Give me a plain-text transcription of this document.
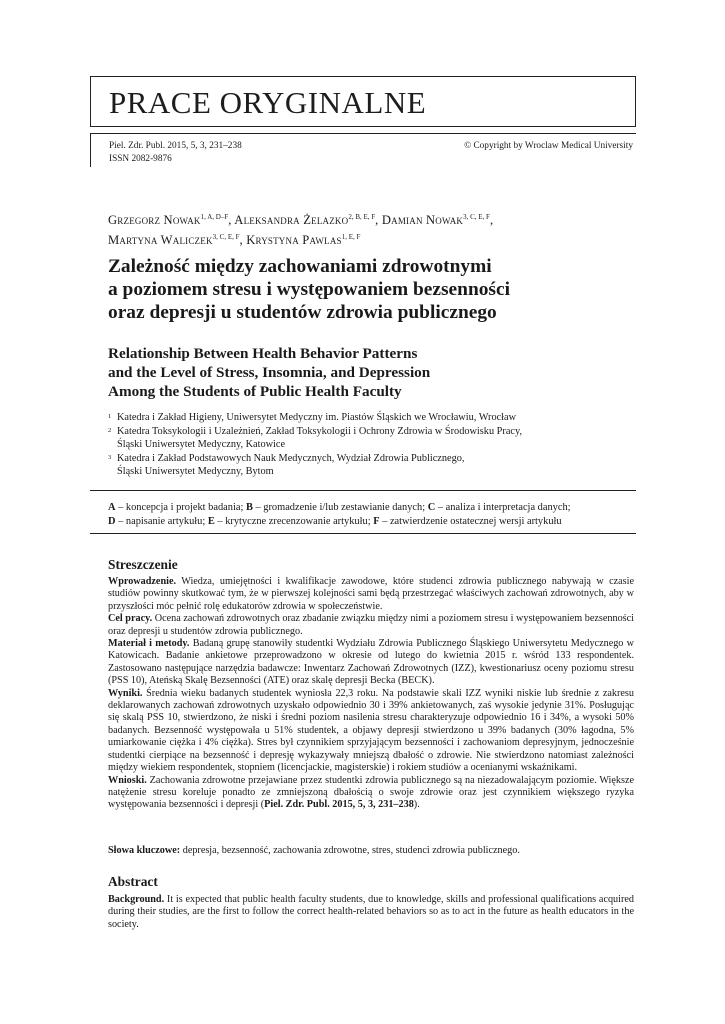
PRACE ORYGINALNE
Piel. Zdr. Publ. 2015, 5, 3, 231–238
ISSN 2082-9876
© Copyright by Wroclaw Medical University
Grzegorz Nowak$^{1, A, D-F}$, Aleksandra Żelazko$^{2, B, E, F}$, Damian Nowak$^{3, C, E, F}$,
Martyna Waliczek$^{3, C, E, F}$, Krystyna Pawlas$^{1, E, F}$
Zależność między zachowaniami zdrowotnymi
a poziomem stresu i występowaniem bezsenności
oraz depresji u studentów zdrowia publicznego
Relationship Between Health Behavior Patterns
and the Level of Stress, Insomnia, and Depression
Among the Students of Public Health Faculty
1 Katedra i Zakład Higieny, Uniwersytet Medyczny im. Piastów Śląskich we Wrocławiu, Wrocław
2 Katedra Toksykologii i Uzależnień, Zakład Toksykologii i Ochrony Zdrowia w Środowisku Pracy,
Śląski Uniwersytet Medyczny, Katowice
3 Katedra i Zakład Podstawowych Nauk Medycznych, Wydział Zdrowia Publicznego,
Śląski Uniwersytet Medyczny, Bytom
A – koncepcja i projekt badania; B – gromadzenie i/lub zestawianie danych; C – analiza i interpretacja danych;
D – napisanie artykułu; E – krytyczne zrecenzowanie artykułu; F – zatwierdzenie ostatecznej wersji artykułu
Streszczenie

Wprowadzenie. Wiedza, umiejętności i kwalifikacje zawodowe, które studenci zdrowia publicznego nabywają w czasie studiów powinny skutkować tym, że w pierwszej kolejności sami będą przestrzegać właściwych zachowań zdrowotnych, aby w przyszłości móc pełnić rolę edukatorów zdrowia w społeczeństwie.

Cel pracy. Ocena zachowań zdrowotnych oraz zbadanie związku między nimi a poziomem stresu i występowaniem bezsenności oraz depresji u studentów zdrowia publicznego.

Materiał i metody. Badaną grupę stanowiły studentki Wydziału Zdrowia Publicznego Śląskiego Uniwersytetu Medycznego w Katowicach. Badanie ankietowe przeprowadzono w okresie od lutego do kwietnia 2015 r. wśród 133 respondentek. Zastosowano następujące narzędzia badawcze: Inwentarz Zachowań Zdrowotnych (IZZ), kwestionariusz oceny poziomu stresu (PSS 10), Ateńską Skalę Bezsenności (ATE) oraz skalę depresji Becka (BECK).

Wyniki. Średnia wieku badanych studentek wyniosła 22,3 roku. Na podstawie skali IZZ wyniki niskie lub średnie z zakresu deklarowanych zachowań zdrowotnych uzyskało odpowiednio 30 i 39% ankietowanych, zaś wysokie jedynie 31%. Posługując się skalą PSS 10, stwierdzono, że niski i średni poziom nasilenia stresu charakteryzuje odpowiednio 16 i 34%, a wysoki 50% badanych. Bezsenność występowała u 51% studentek, a objawy depresji stwierdzono u 39% badanych (30% łagodna, 5% umiarkowanie ciężka i 4% ciężka). Stres był czynnikiem sprzyjającym bezsenności i zachowaniom depresyjnym, jednocześnie studentki cierpiące na bezsenność i depresję wykazywały mniejszą dbałość o zdrowie. Nie stwierdzono natomiast zależności między wiekiem respondentek, stopniem (licencjackie, magisterskie) i rokiem studiów a ocenianymi wskaźnikami.

Wnioski. Zachowania zdrowotne przejawiane przez studentki zdrowia publicznego są na niezadowalającym poziomie. Większe natężenie stresu koreluje ponadto ze zmniejszoną dbałością o swoje zdrowie oraz jest czynnikiem większego ryzyka występowania bezsenności i depresji (Piel. Zdr. Publ. 2015, 5, 3, 231–238).

Słowa kluczowe: depresja, bezsenność, zachowania zdrowotne, stres, studenci zdrowia publicznego.
Abstract

Background. It is expected that public health faculty students, due to knowledge, skills and professional qualifications acquired during their studies, are the first to follow the correct health-related behaviors so as to act in the future as health educators in the society.
